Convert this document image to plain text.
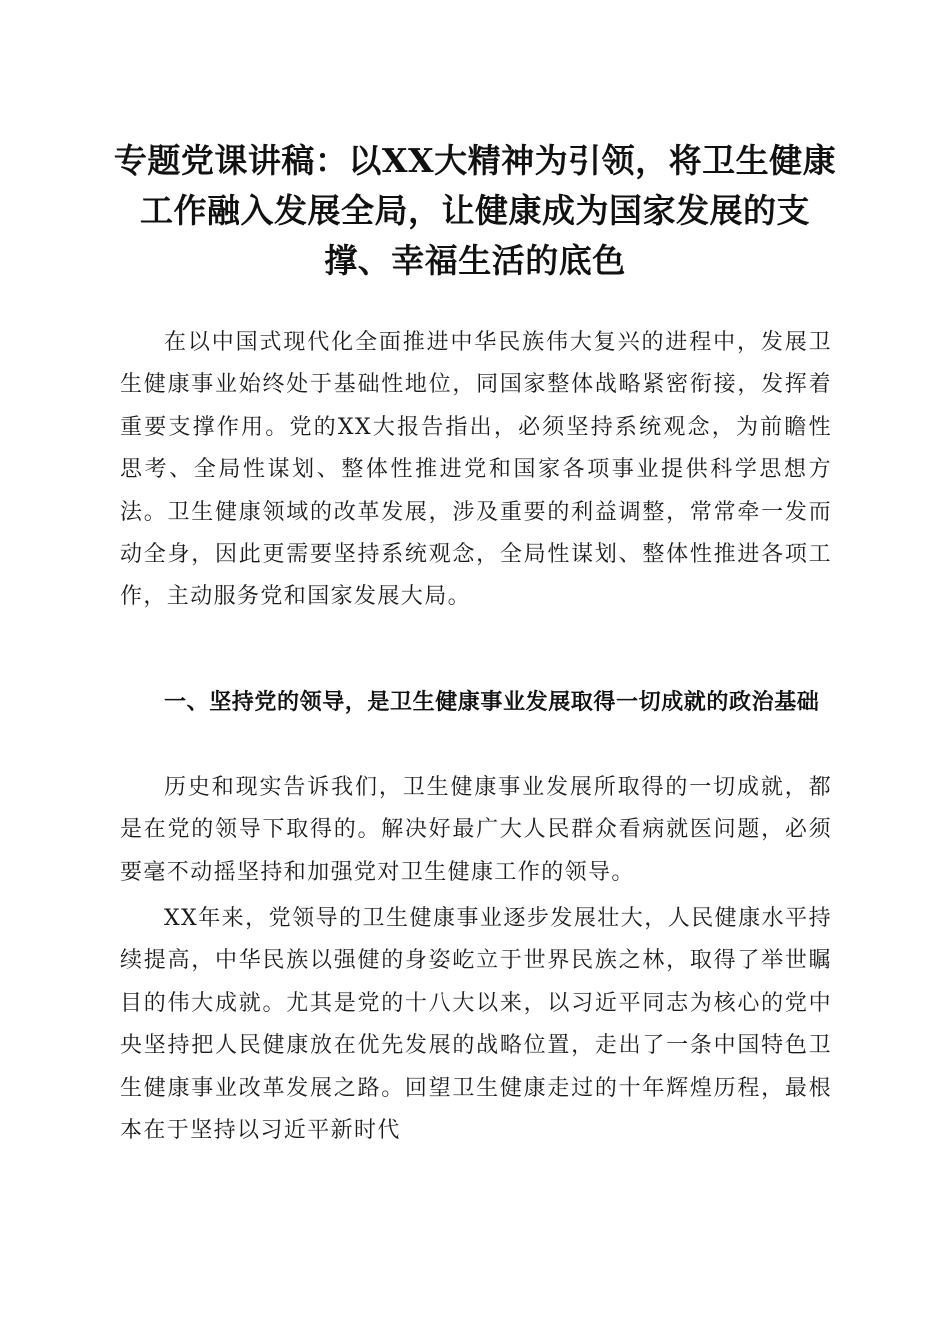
专题党课讲稿：以XX大精神为引领，将卫生健康工作融入发展全局，让健康成为国家发展的支撑、幸福生活的底色

在以中国式现代化全面推进中华民族伟大复兴的进程中，发展卫生健康事业始终处于基础性地位，同国家整体战略紧密衔接，发挥着重要支撑作用。党的XX大报告指出，必须坚持系统观念，为前瞻性思考、全局性谋划、整体性推进党和国家各项事业提供科学思想方法。卫生健康领域的改革发展，涉及重要的利益调整，常常牵一发而动全身，因此更需要坚持系统观念，全局性谋划、整体性推进各项工作，主动服务党和国家发展大局。

一、坚持党的领导，是卫生健康事业发展取得一切成就的政治基础

历史和现实告诉我们，卫生健康事业发展所取得的一切成就，都是在党的领导下取得的。解决好最广大人民群众看病就医问题，必须要毫不动摇坚持和加强党对卫生健康工作的领导。

XX年来，党领导的卫生健康事业逐步发展壮大，人民健康水平持续提高，中华民族以强健的身姿屹立于世界民族之林，取得了举世瞩目的伟大成就。尤其是党的十八大以来，以习近平同志为核心的党中央坚持把人民健康放在优先发展的战略位置，走出了一条中国特色卫生健康事业改革发展之路。回望卫生健康走过的十年辉煌历程，最根本在于坚持以习近平新时代
